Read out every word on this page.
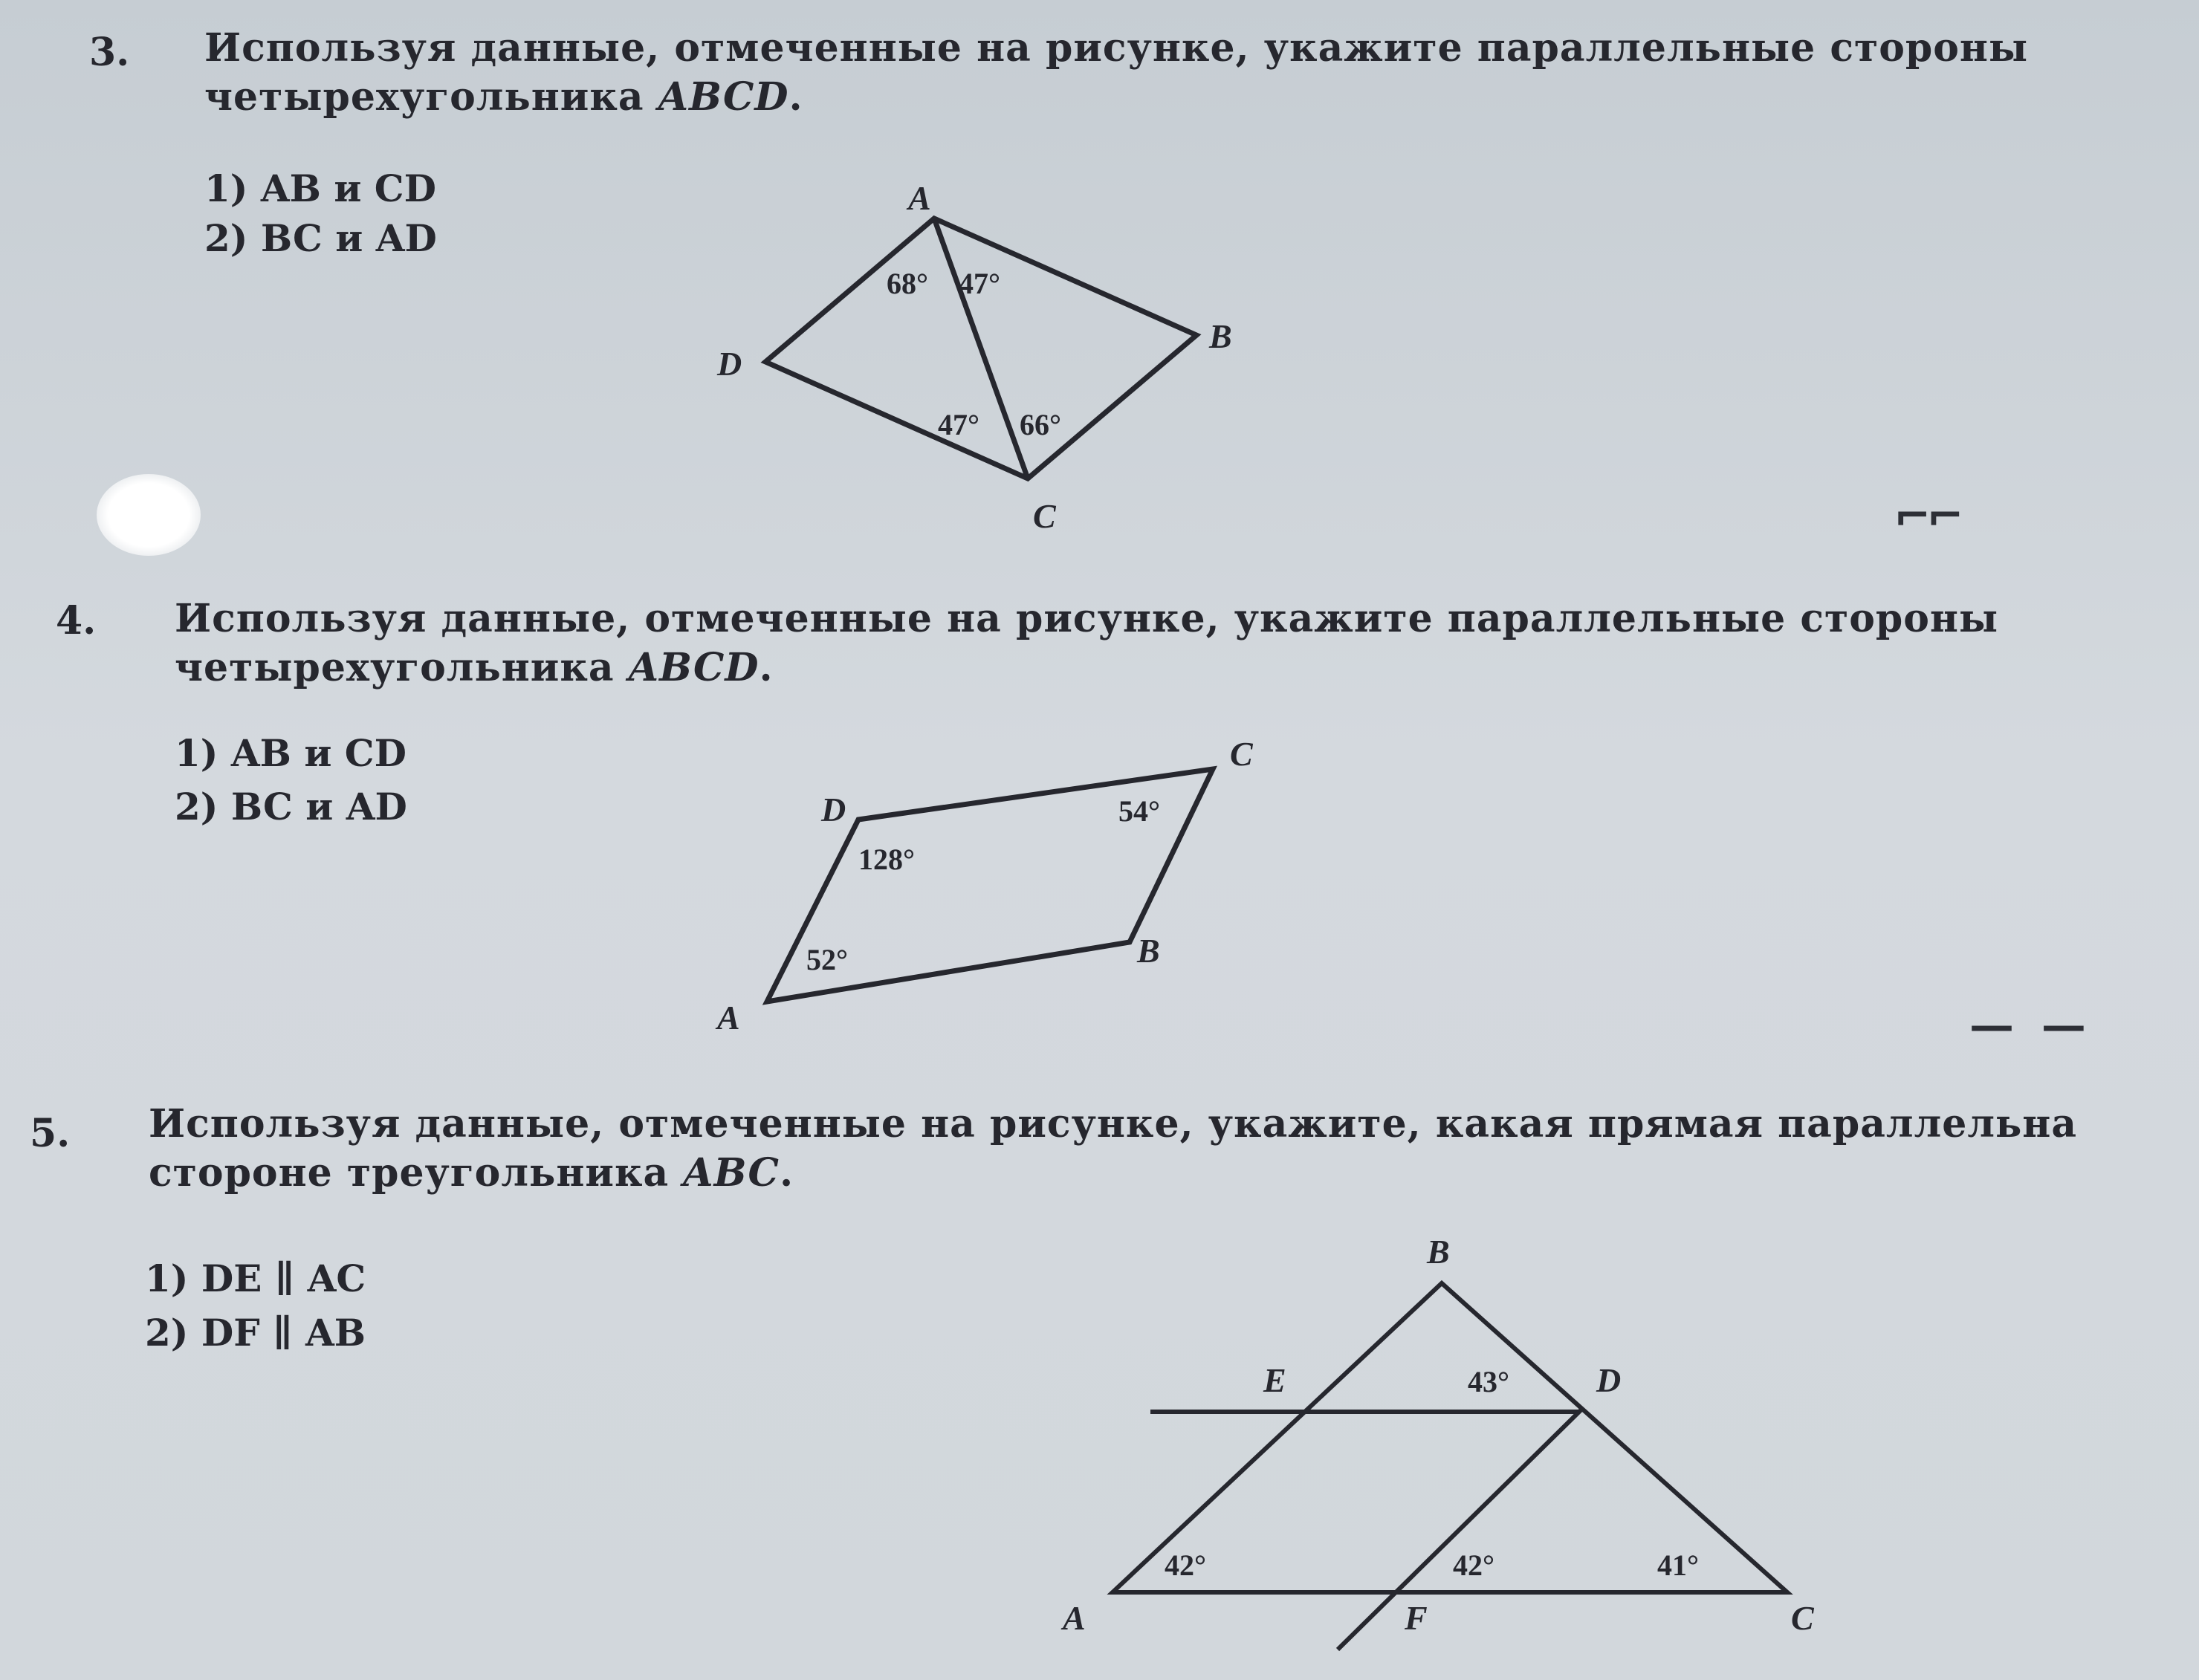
3. Используя данные, отмеченные на рисунке, укажите параллельные стороны
четырехугольника ABCD.
1) AB и CD
2) BC и AD
A
B
C
D
68° 47°
47° 66°
⌐⌐
4. Используя данные, отмеченные на рисунке, укажите параллельные стороны
четырехугольника ABCD.
1) AB и CD
2) BC и AD
A
B
C
D	54°
128°
52°
— —
5. Используя данные, отмеченные на рисунке, укажите, какая прямая параллельна
стороне треугольника ABC.
1) DE ∥ AC
2) DF ∥ AB
B
E	D
A	F	C
43°
42°	42°	41°
